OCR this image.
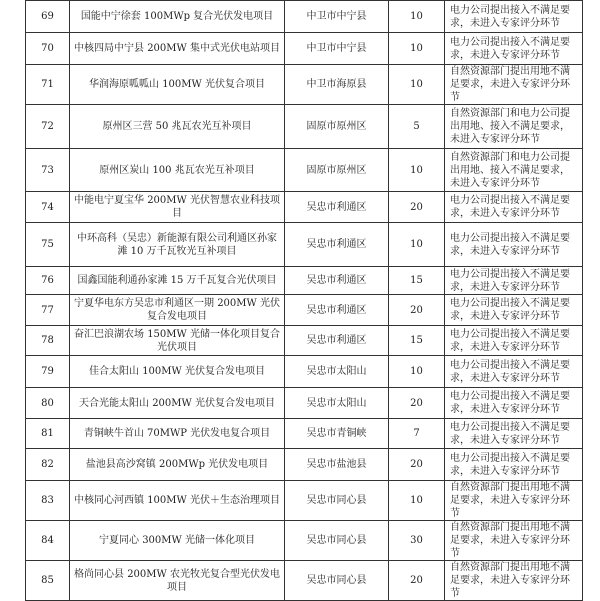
69	国能中宁徐套 100MWp 复合光伏发电项目	中卫市中宁县	10	电力公司提出接入不满足要求，未进入专家评分环节
70	中核四局中宁县 200MW 集中式光伏电站项目	中卫市中宁县	10	电力公司提出接入不满足要求，未进入专家评分环节
71	华润海原呱呱山 100MW 光伏复合项目	中卫市海原县	10	自然资源部门提出用地不满足要求，未进入专家评分环节
72	原州区三营 50 兆瓦农光互补项目	固原市原州区	5	自然资源部门和电力公司提出用地、接入不满足要求，未进入专家评分环节
73	原州区炭山 100 兆瓦农光互补项目	固原市原州区	10	自然资源部门和电力公司提出用地、接入不满足要求，未进入专家评分环节
74	中能电宁夏宝华 200MW 光伏智慧农业科技项目	吴忠市利通区	20	电力公司提出接入不满足要求，未进入专家评分环节
75	中环高科（吴忠）新能源有限公司利通区孙家滩 10 万千瓦牧光互补项目	吴忠市利通区	10	电力公司提出接入不满足要求，未进入专家评分环节
76	国鑫国能利通孙家滩 15 万千瓦复合光伏项目	吴忠市利通区	15	电力公司提出接入不满足要求，未进入专家评分环节
77	宁夏华电东方吴忠市利通区一期 200MW 光伏复合发电项目	吴忠市利通区	20	电力公司提出接入不满足要求，未进入专家评分环节
78	奋汇巴浪湖农场 150MW 光储一体化项目复合光伏项目	吴忠市利通区	15	电力公司提出接入不满足要求，未进入专家评分环节
79	佳合太阳山 100MW 光伏复合发电项目	吴忠市太阳山	10	电力公司提出接入不满足要求，未进入专家评分环节
80	天合光能太阳山 200MW 光伏复合发电项目	吴忠市太阳山	20	电力公司提出接入不满足要求，未进入专家评分环节
81	青铜峡牛首山 70MWP 光伏发电复合项目	吴忠市青铜峡	7	电力公司提出接入不满足要求，未进入专家评分环节
82	盐池县高沙窝镇 200MWp 光伏发电项目	吴忠市盐池县	20	电力公司提出接入不满足要求，未进入专家评分环节
83	中核同心河西镇 100MW 光伏＋生态治理项目	吴忠市同心县	10	自然资源部门提出用地不满足要求，未进入专家评分环节
84	宁夏同心 300MW 光储一体化项目	吴忠市同心县	30	自然资源部门提出用地不满足要求，未进入专家评分环节
85	格尚同心县 200MW 农光牧光复合型光伏发电项目	吴忠市同心县	20	自然资源部门提出用地不满足要求，未进入专家评分环节
